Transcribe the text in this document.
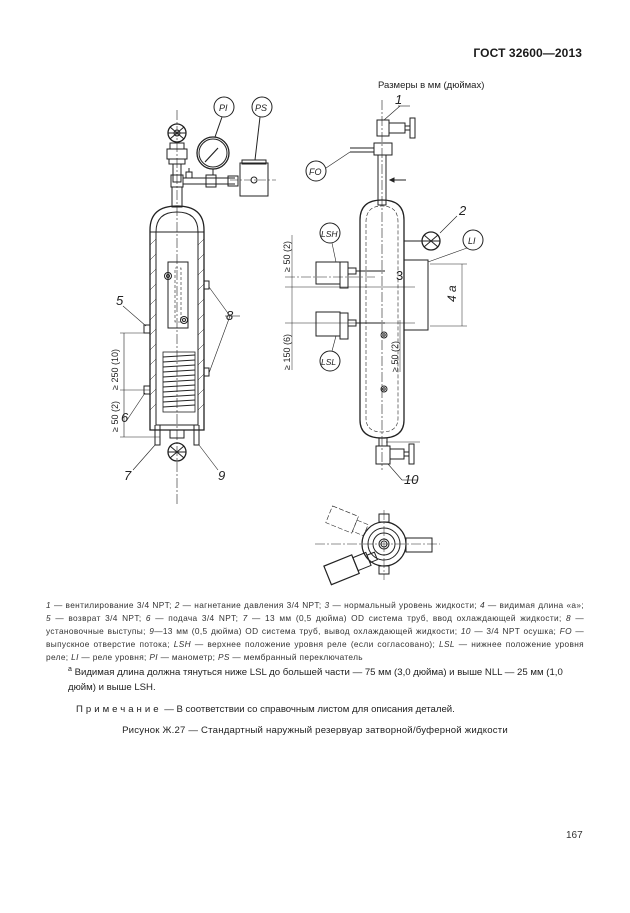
ГОСТ 32600—2013
Размеры в мм (дюймах)
PI	PS
FO
LSH
LSL
LI
1
2
3
4 a
5
6
7
8
9	10
≥ 250 (10)
≥ 50 (2)
≥ 50 (2)
≥ 150 (6)	≥ 50 (2)
1 — вентилирование 3/4 NPT; 2 — нагнетание давления 3/4 NPT; 3 — нормальный уровень жидкости; 4 — видимая длина «а»; 5 — возврат 3/4 NPT; 6 — подача 3/4 NPT; 7 — 13 мм (0,5 дюйма) OD система труб, ввод охлаждающей жидкости; 8 — установочные выступы; 9—13 мм (0,5 дюйма) OD система труб, вывод охлаждающей жидкости; 10 — 3/4 NPT осушка; FO — выпускное отверстие потока; LSH — верхнее положение уровня реле (если согласовано); LSL — нижнее положение уровня реле; LI — реле уровня; PI — манометр; PS — мембранный переключатель
$^a$ Видимая длина должна тянуться ниже LSL до большей части — 75 мм (3,0 дюйма) и выше NLL — 25 мм (1,0 дюйм) и выше LSH.
Примечание — В соответствии со справочным листом для описания деталей.
Рисунок Ж.27 — Стандартный наружный резервуар затворной/буферной жидкости
167
